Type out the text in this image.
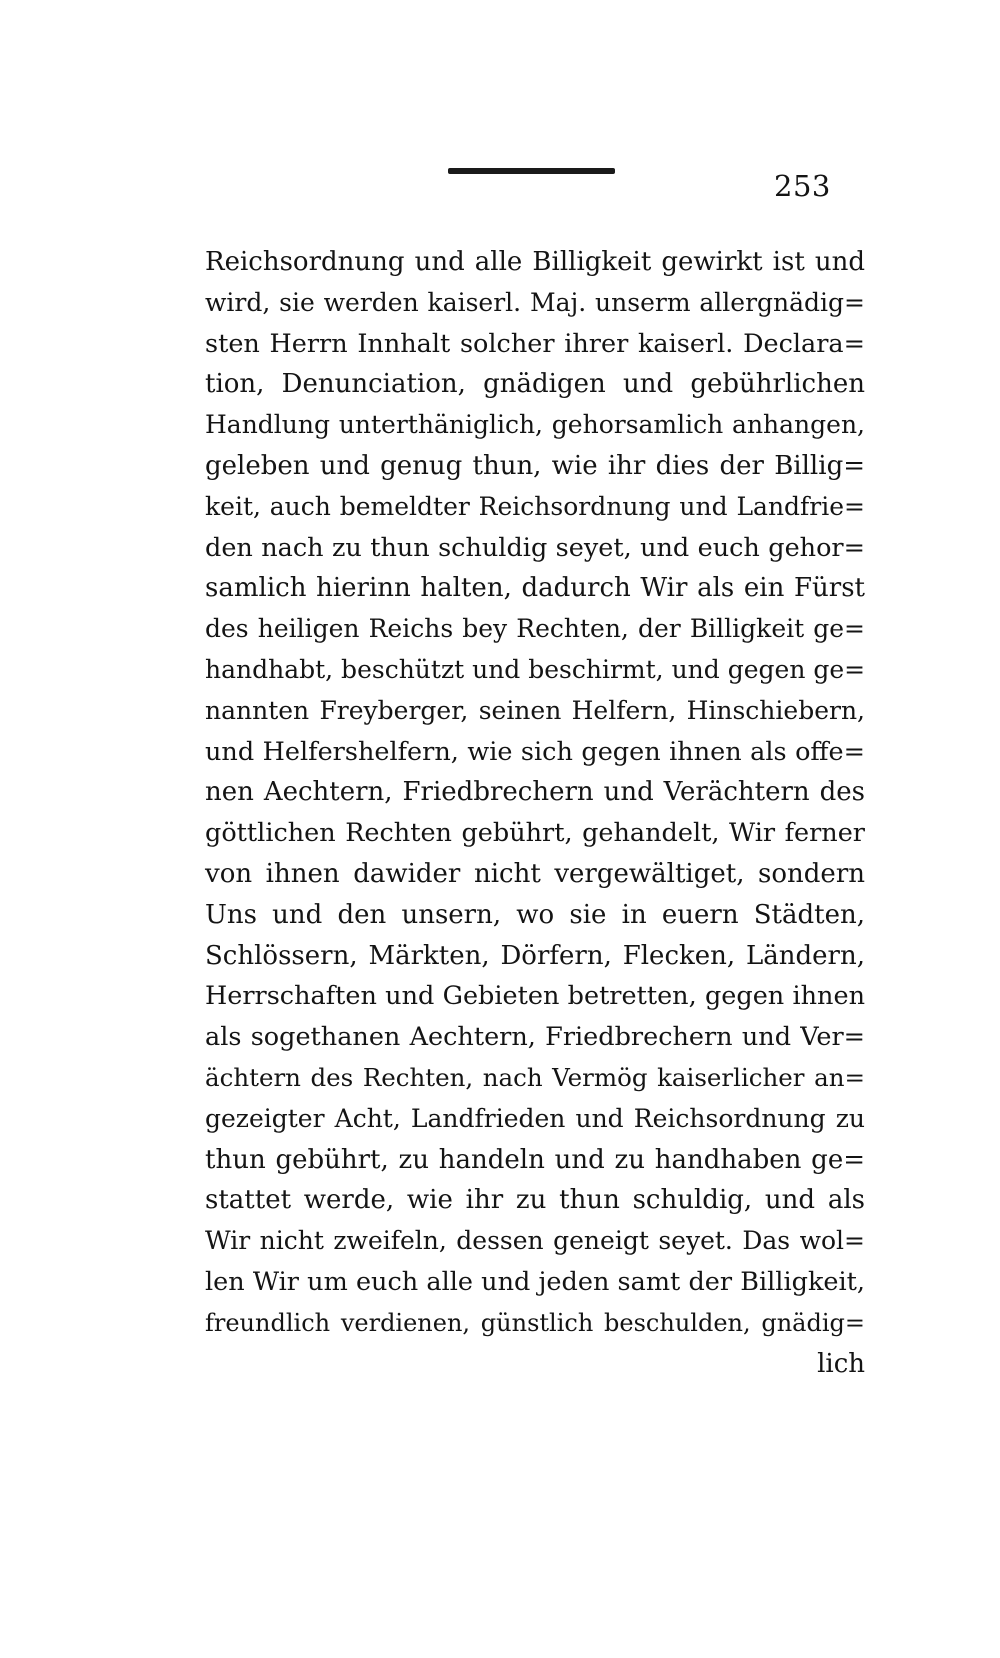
253
Reichsordnung und alle Billigkeit gewirkt ist und
wird, sie werden kaiserl. Maj. unserm allergnädig=
sten Herrn Innhalt solcher ihrer kaiserl. Declara=
tion, Denunciation, gnädigen und gebührlichen
Handlung unterthäniglich, gehorsamlich anhangen,
geleben und genug thun, wie ihr dies der Billig=
keit, auch bemeldter Reichsordnung und Landfrie=
den nach zu thun schuldig seyet, und euch gehor=
samlich hierinn halten, dadurch Wir als ein Fürst
des heiligen Reichs bey Rechten, der Billigkeit ge=
handhabt, beschützt und beschirmt, und gegen ge=
nannten Freyberger, seinen Helfern, Hinschiebern,
und Helfershelfern, wie sich gegen ihnen als offe=
nen Aechtern, Friedbrechern und Verächtern des
göttlichen Rechten gebührt, gehandelt, Wir ferner
von ihnen dawider nicht vergewältiget, sondern
Uns und den unsern, wo sie in euern Städten,
Schlössern, Märkten, Dörfern, Flecken, Ländern,
Herrschaften und Gebieten betretten, gegen ihnen
als sogethanen Aechtern, Friedbrechern und Ver=
ächtern des Rechten, nach Vermög kaiserlicher an=
gezeigter Acht, Landfrieden und Reichsordnung zu
thun gebührt, zu handeln und zu handhaben ge=
stattet werde, wie ihr zu thun schuldig, und als
Wir nicht zweifeln, dessen geneigt seyet. Das wol=
len Wir um euch alle und jeden samt der Billigkeit,
freundlich verdienen, günstlich beschulden, gnädig=
lich
